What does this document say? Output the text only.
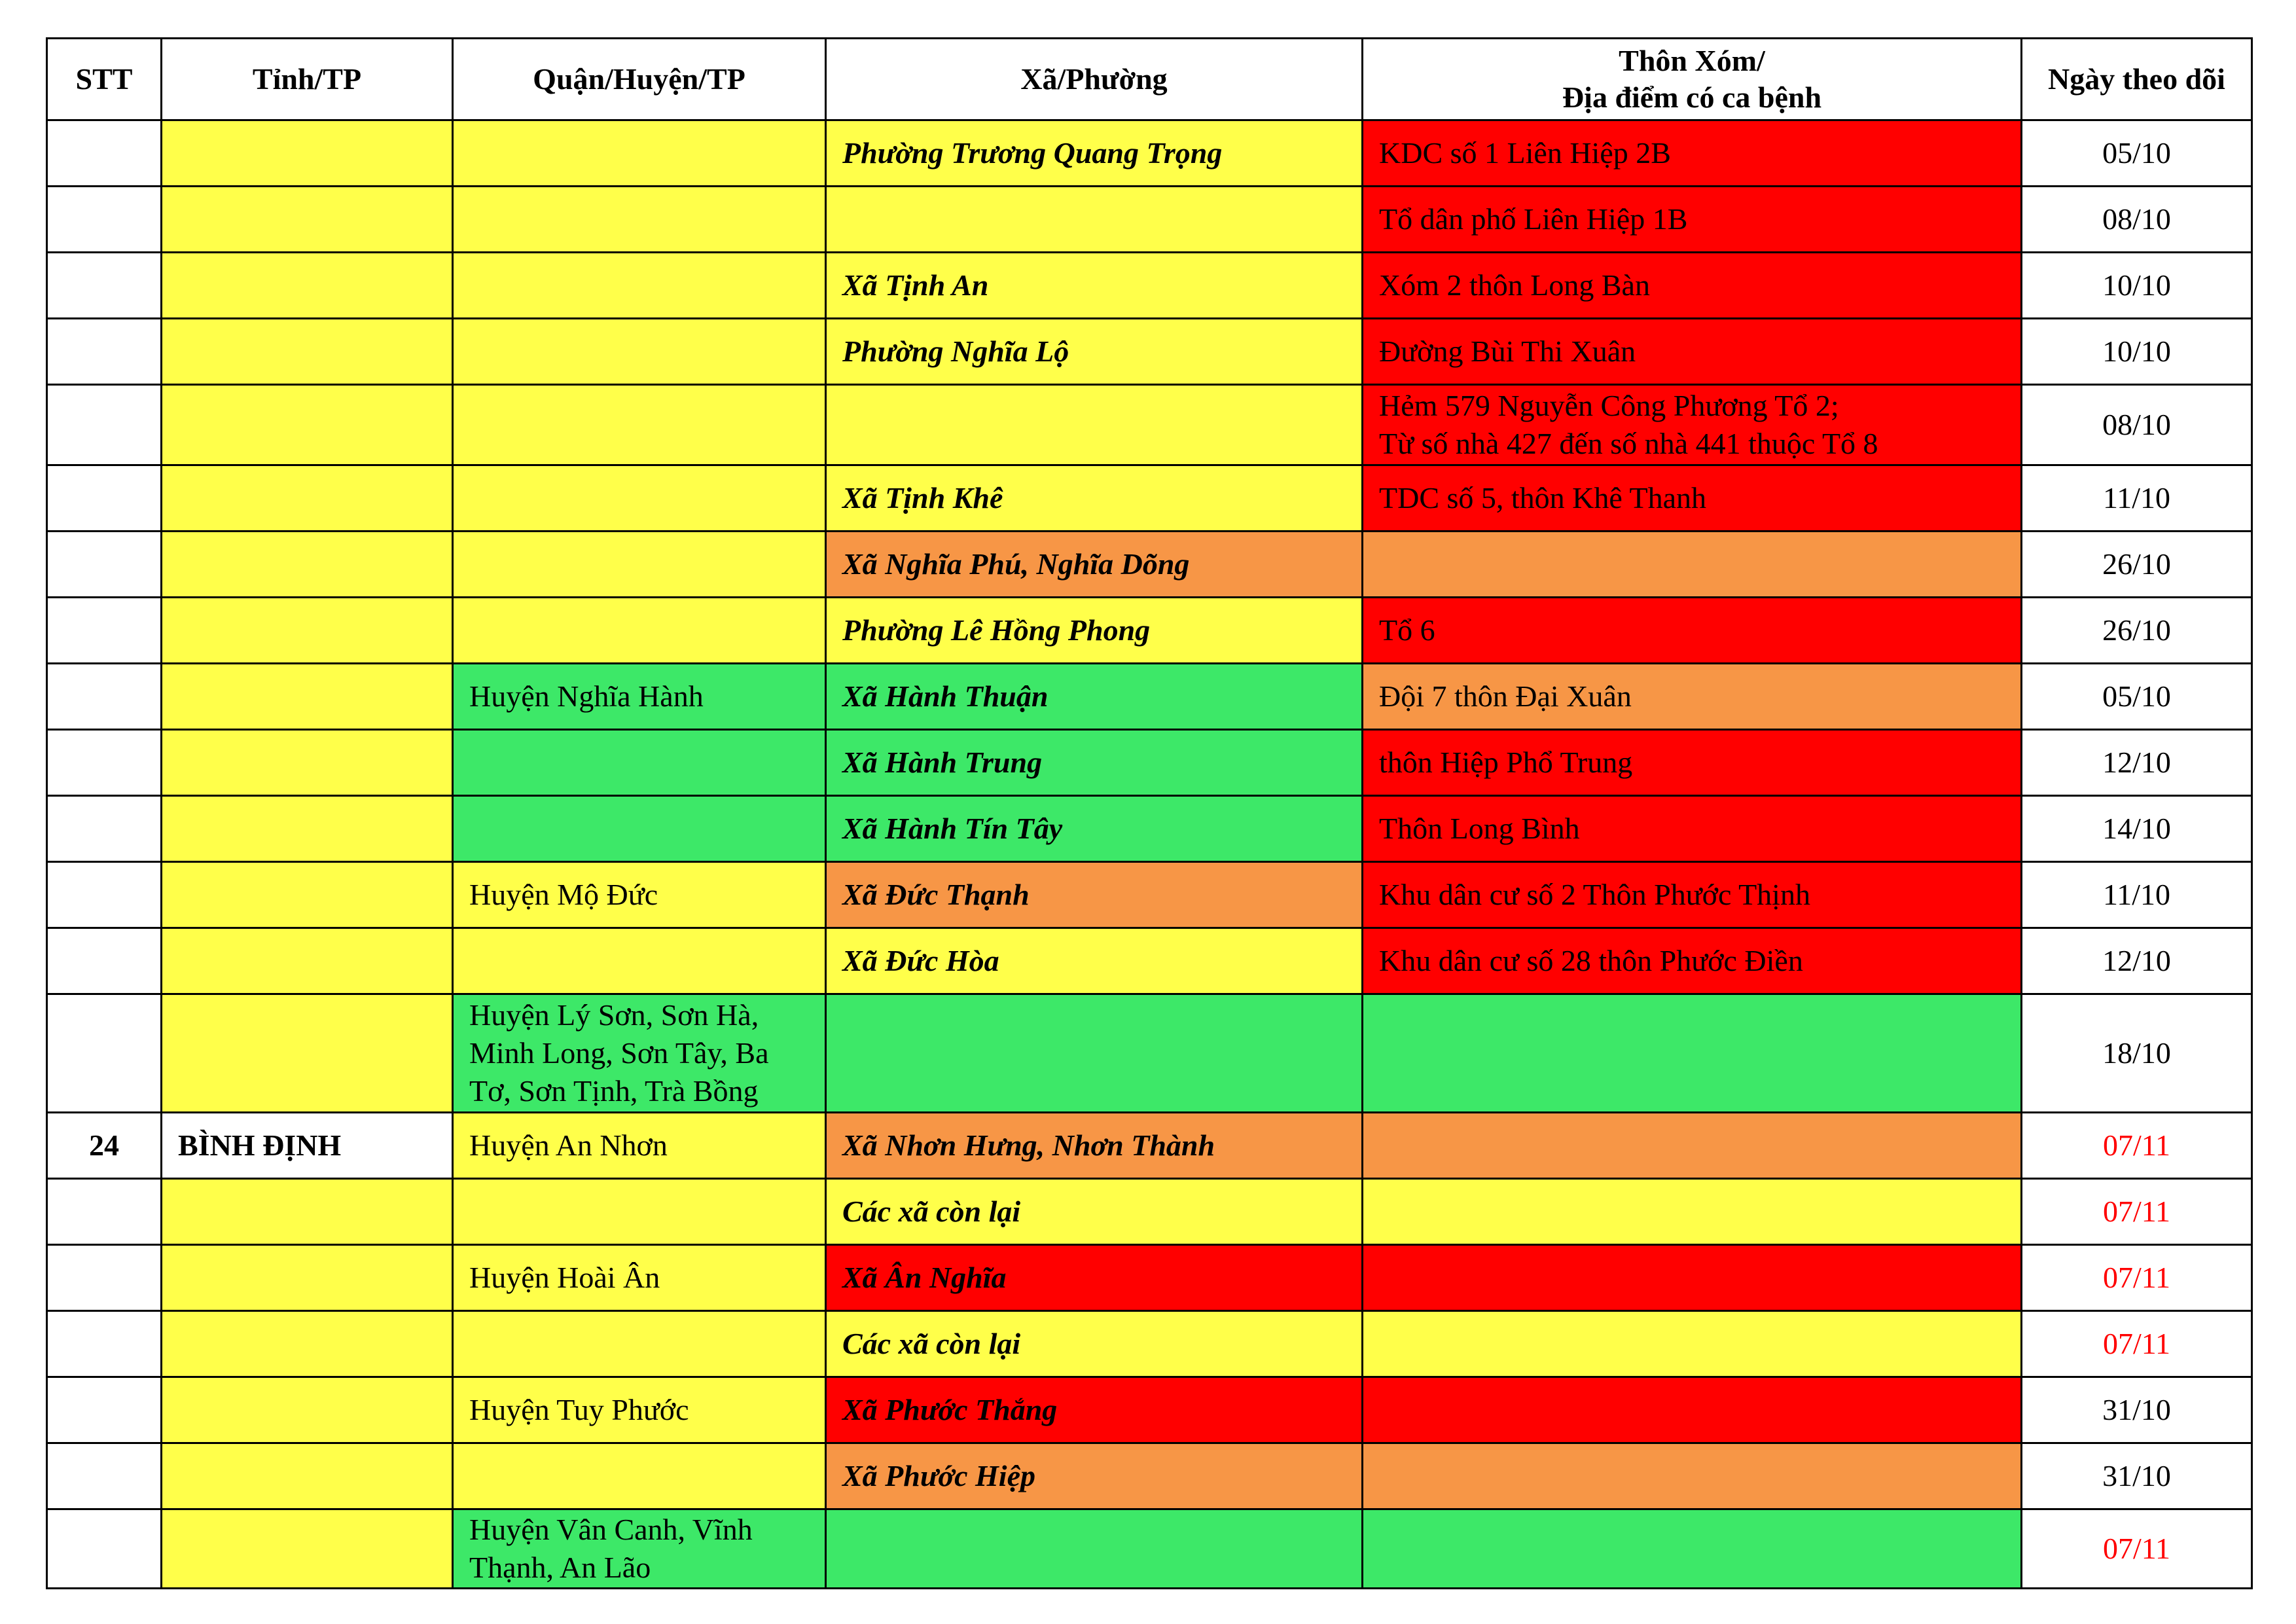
STT	Tỉnh/TP	Quận/Huyện/TP	Xã/Phường	Thôn Xóm/
Địa điểm có ca bệnh	Ngày theo dõi
			Phường Trương Quang Trọng	KDC số 1 Liên Hiệp 2B	05/10
				Tổ dân phố Liên Hiệp 1B	08/10
			Xã Tịnh An	Xóm 2 thôn Long Bàn	10/10
			Phường Nghĩa Lộ	Đường Bùi Thi Xuân	10/10
				Hẻm 579 Nguyễn Công Phương Tổ 2;
Từ số nhà 427 đến số nhà 441 thuộc Tổ 8	08/10
			Xã Tịnh Khê	TDC số 5, thôn Khê Thanh	11/10
			Xã Nghĩa Phú, Nghĩa Dõng		26/10
			Phường Lê Hồng Phong	Tổ 6	26/10
		Huyện Nghĩa Hành	Xã Hành Thuận	Đội 7 thôn Đại Xuân	05/10
			Xã Hành Trung	thôn Hiệp Phổ Trung	12/10
			Xã Hành Tín Tây	Thôn Long Bình	14/10
		Huyện Mộ Đức	Xã Đức Thạnh	Khu dân cư số 2 Thôn Phước Thịnh	11/10
			Xã Đức Hòa	Khu dân cư số 28 thôn Phước Điền	12/10
		Huyện Lý Sơn, Sơn Hà, Minh Long, Sơn Tây, Ba Tơ, Sơn Tịnh, Trà Bồng			18/10
24	BÌNH ĐỊNH	Huyện An Nhơn	Xã Nhơn Hưng, Nhơn Thành		07/11
			Các xã còn lại		07/11
		Huyện Hoài Ân	Xã Ân Nghĩa		07/11
			Các xã còn lại		07/11
		Huyện Tuy Phước	Xã Phước Thắng		31/10
			Xã Phước Hiệp		31/10
		Huyện Vân Canh, Vĩnh Thạnh, An Lão			07/11
